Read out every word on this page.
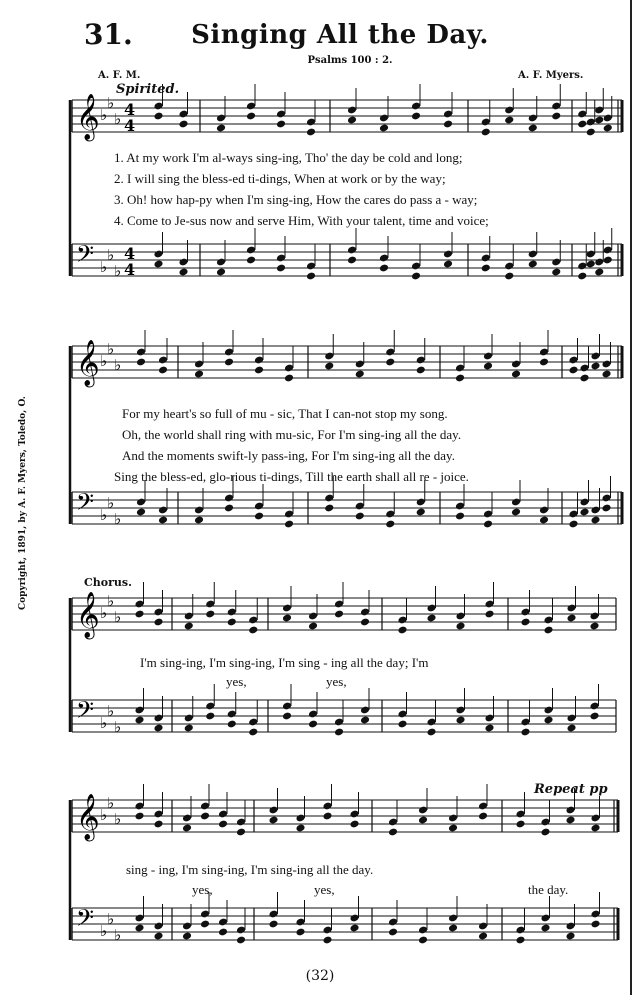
31.	Singing All the Day.
Psalms 100 : 2.
A. F. M.	A. F. Myers.
Spirited.
Chorus.
Repeat pp
Copyright, 1891, by A. F. Myers, Toledo, O.
(32)
1. At my work I'm al-ways sing-ing, Tho' the day be cold and long;
2. I will sing the bless-ed ti-dings, When at work or by the way;
3. Oh! how hap-py when I'm sing-ing, How the cares do pass a - way;
4. Come to Je-sus now and serve Him, With your talent, time and voice;
For my heart's so full of mu - sic, That I can-not stop my song.
Oh, the world shall ring with mu-sic, For I'm sing-ing all the day.
And the moments swift-ly pass-ing, For I'm sing-ing all the day.
Sing the bless-ed, glo-rious ti-dings, Till the earth shall all re - joice.
I'm sing-ing, I'm sing-ing, I'm sing - ing all the day; I'm
yes,	yes,
sing - ing, I'm sing-ing, I'm sing-ing all the day.
yes,	yes,	the day.
𝄞
𝄢
♭
♭
♭
♭
♭
♭
4
4
4
4
𝄞
𝄢
♭
♭
♭
♭
♭
♭
𝄞
𝄢
♭
♭
♭
♭
♭
♭
𝄞
𝄢
♭
♭
♭
♭
♭
♭
